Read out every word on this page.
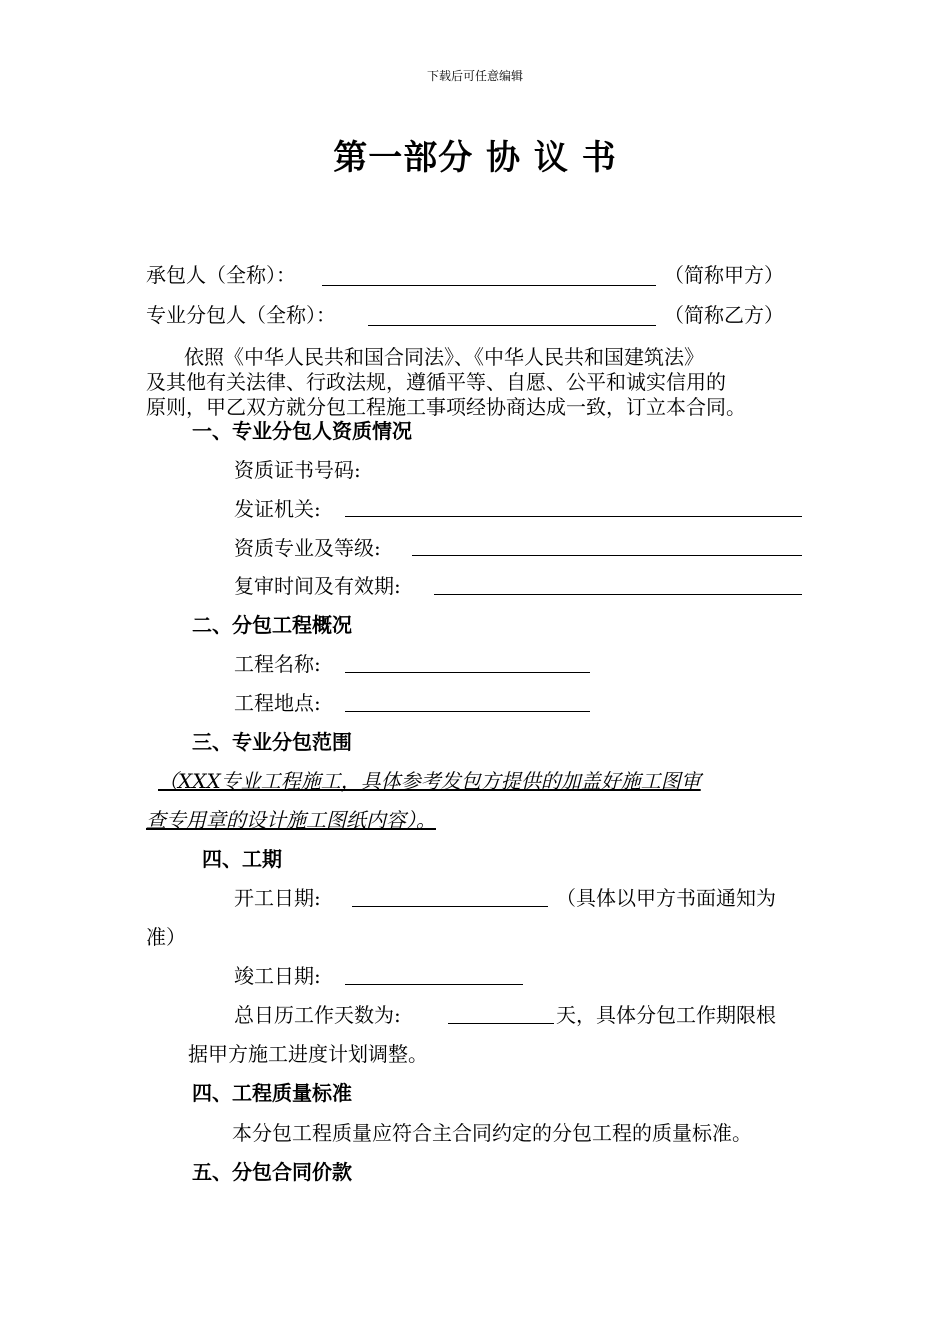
下载后可任意编辑
第一部分 协 议 书
承包人（全称）：	（简称甲方）
专业分包人（全称）：	（简称乙方）
依照《中华人民共和国合同法》、《中华人民共和国建筑法》
及其他有关法律、行政法规，遵循平等、自愿、公平和诚实信用的
原则，甲乙双方就分包工程施工事项经协商达成一致，订立本合同。
一、专业分包人资质情况
资质证书号码:
发证机关:
资质专业及等级:
复审时间及有效期:
二、分包工程概况
工程名称:
工程地点:
三、专业分包范围
（XXX专业工程施工，具体参考发包方提供的加盖好施工图审
查专用章的设计施工图纸内容）。
四、工期
开工日期:	（具体以甲方书面通知为
准）
竣工日期:
总日历工作天数为:	天，具体分包工作期限根
据甲方施工进度计划调整。
四、工程质量标准
本分包工程质量应符合主合同约定的分包工程的质量标准。
五、分包合同价款
